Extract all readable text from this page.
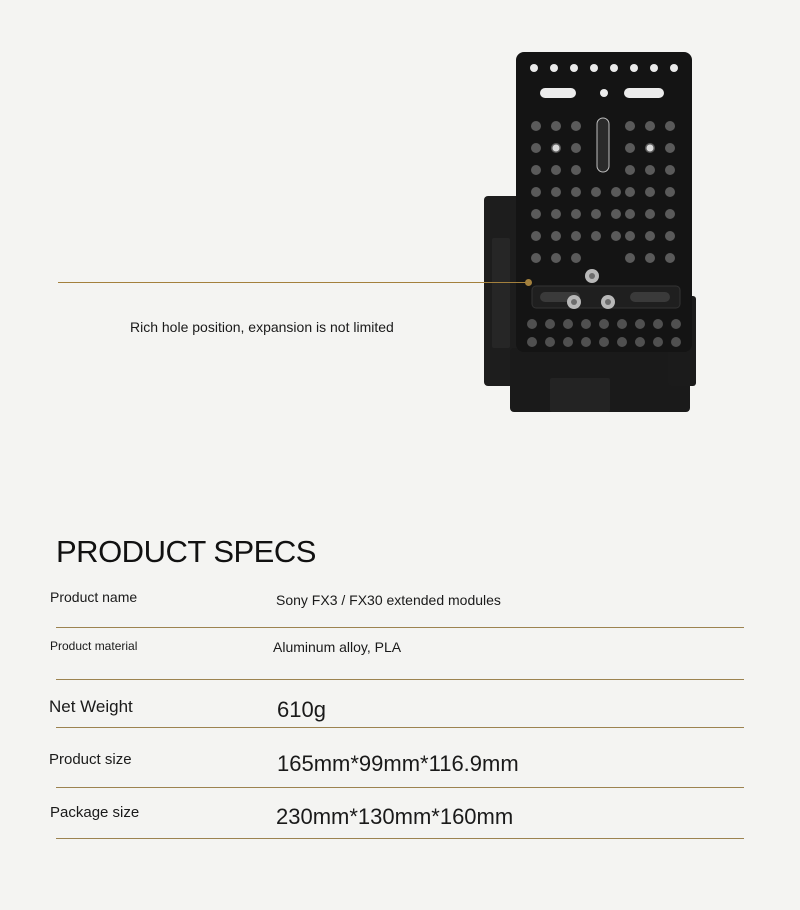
Rich hole position, expansion is not limited
PRODUCT SPECS
Product name	Sony FX3 / FX30 extended modules
Product material	Aluminum alloy, PLA
Net Weight	610g
Product size	165mm*99mm*116.9mm
Package size	230mm*130mm*160mm
